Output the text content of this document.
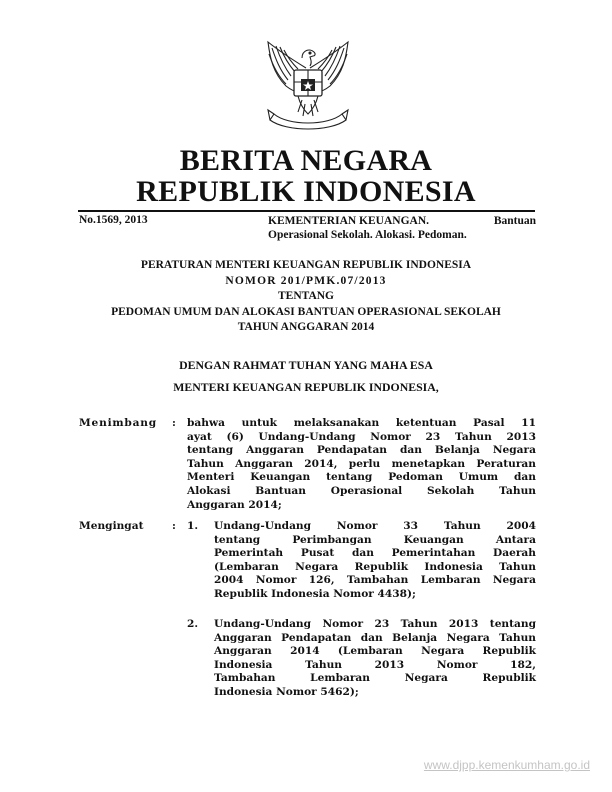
BERITA NEGARA
REPUBLIK INDONESIA
No.1569, 2013	KEMENTERIAN KEUANGAN.	Bantuan
Operasional Sekolah. Alokasi. Pedoman.
PERATURAN MENTERI KEUANGAN REPUBLIK INDONESIA
NOMOR 201/PMK.07/2013
TENTANG
PEDOMAN UMUM DAN ALOKASI BANTUAN OPERASIONAL SEKOLAH
TAHUN ANGGARAN 2014
DENGAN RAHMAT TUHAN YANG MAHA ESA
MENTERI KEUANGAN REPUBLIK INDONESIA,
Menimbang : bahwa untuk melaksanakan ketentuan Pasal 11
ayat (6) Undang-Undang Nomor 23 Tahun 2013
tentang Anggaran Pendapatan dan Belanja Negara
Tahun Anggaran 2014, perlu menetapkan Peraturan
Menteri Keuangan tentang Pedoman Umum dan
Alokasi Bantuan Operasional Sekolah Tahun
Anggaran 2014;
Mengingat	: 1. Undang-Undang Nomor 33 Tahun 2004
tentang Perimbangan Keuangan Antara
Pemerintah Pusat dan Pemerintahan Daerah
(Lembaran Negara Republik Indonesia Tahun
2004 Nomor 126, Tambahan Lembaran Negara
Republik Indonesia Nomor 4438);
2. Undang-Undang Nomor 23 Tahun 2013 tentang
Anggaran Pendapatan dan Belanja Negara Tahun
Anggaran 2014 (Lembaran Negara Republik
Indonesia Tahun 2013 Nomor 182,
Tambahan Lembaran Negara Republik
Indonesia Nomor 5462);
www.djpp.kemenkumham.go.id
